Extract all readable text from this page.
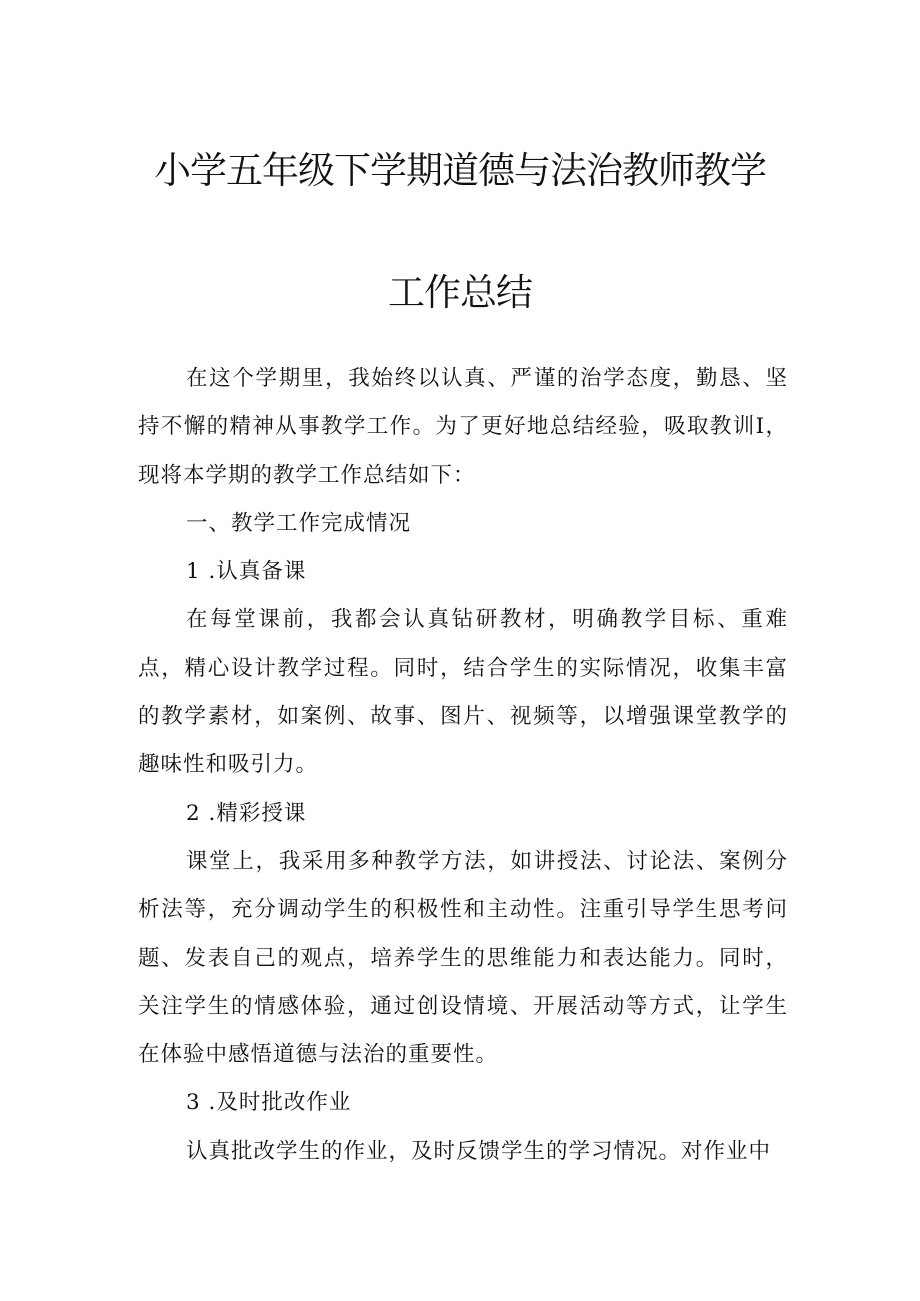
小学五年级下学期道德与法治教师教学
工作总结

在这个学期里，我始终以认真、严谨的治学态度，勤恳、坚持不懈的精神从事教学工作。为了更好地总结经验，吸取教训I，现将本学期的教学工作总结如下：

一、教学工作完成情况

1 .认真备课

在每堂课前，我都会认真钻研教材，明确教学目标、重难点，精心设计教学过程。同时，结合学生的实际情况，收集丰富的教学素材，如案例、故事、图片、视频等，以增强课堂教学的趣味性和吸引力。

2 .精彩授课

课堂上，我采用多种教学方法，如讲授法、讨论法、案例分析法等，充分调动学生的积极性和主动性。注重引导学生思考问题、发表自己的观点，培养学生的思维能力和表达能力。同时，关注学生的情感体验，通过创设情境、开展活动等方式，让学生在体验中感悟道德与法治的重要性。

3 .及时批改作业

认真批改学生的作业，及时反馈学生的学习情况。对作业中
